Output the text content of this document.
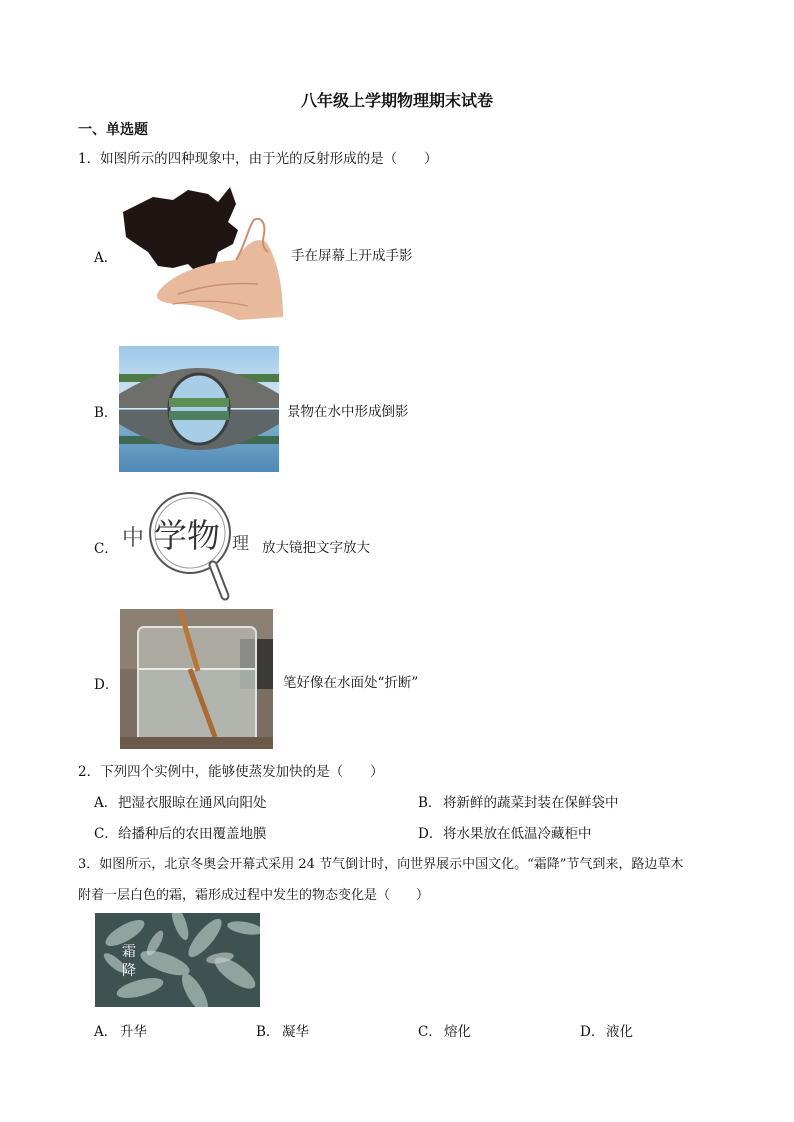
八年级上学期物理期末试卷
一、单选题
1．如图所示的四种现象中，由于光的反射形成的是（　　）
A．	手在屏幕上开成手影
B．	景物在水中形成倒影
C． 中 学物 理 放大镜把文字放大
D．	笔好像在水面处“折断”
2．下列四个实例中，能够使蒸发加快的是（　　）
A． 把湿衣服晾在通风向阳处	B． 将新鲜的蔬菜封装在保鲜袋中
C． 给播种后的农田覆盖地膜	D． 将水果放在低温冷藏柜中
3．如图所示，北京冬奥会开幕式采用 24 节气倒计时，向世界展示中国文化。“霜降”节气到来，路边草木
附着一层白色的霜，霜形成过程中发生的物态变化是（　　）
霜
降
A． 升华	B． 凝华	C． 熔化	D． 液化
